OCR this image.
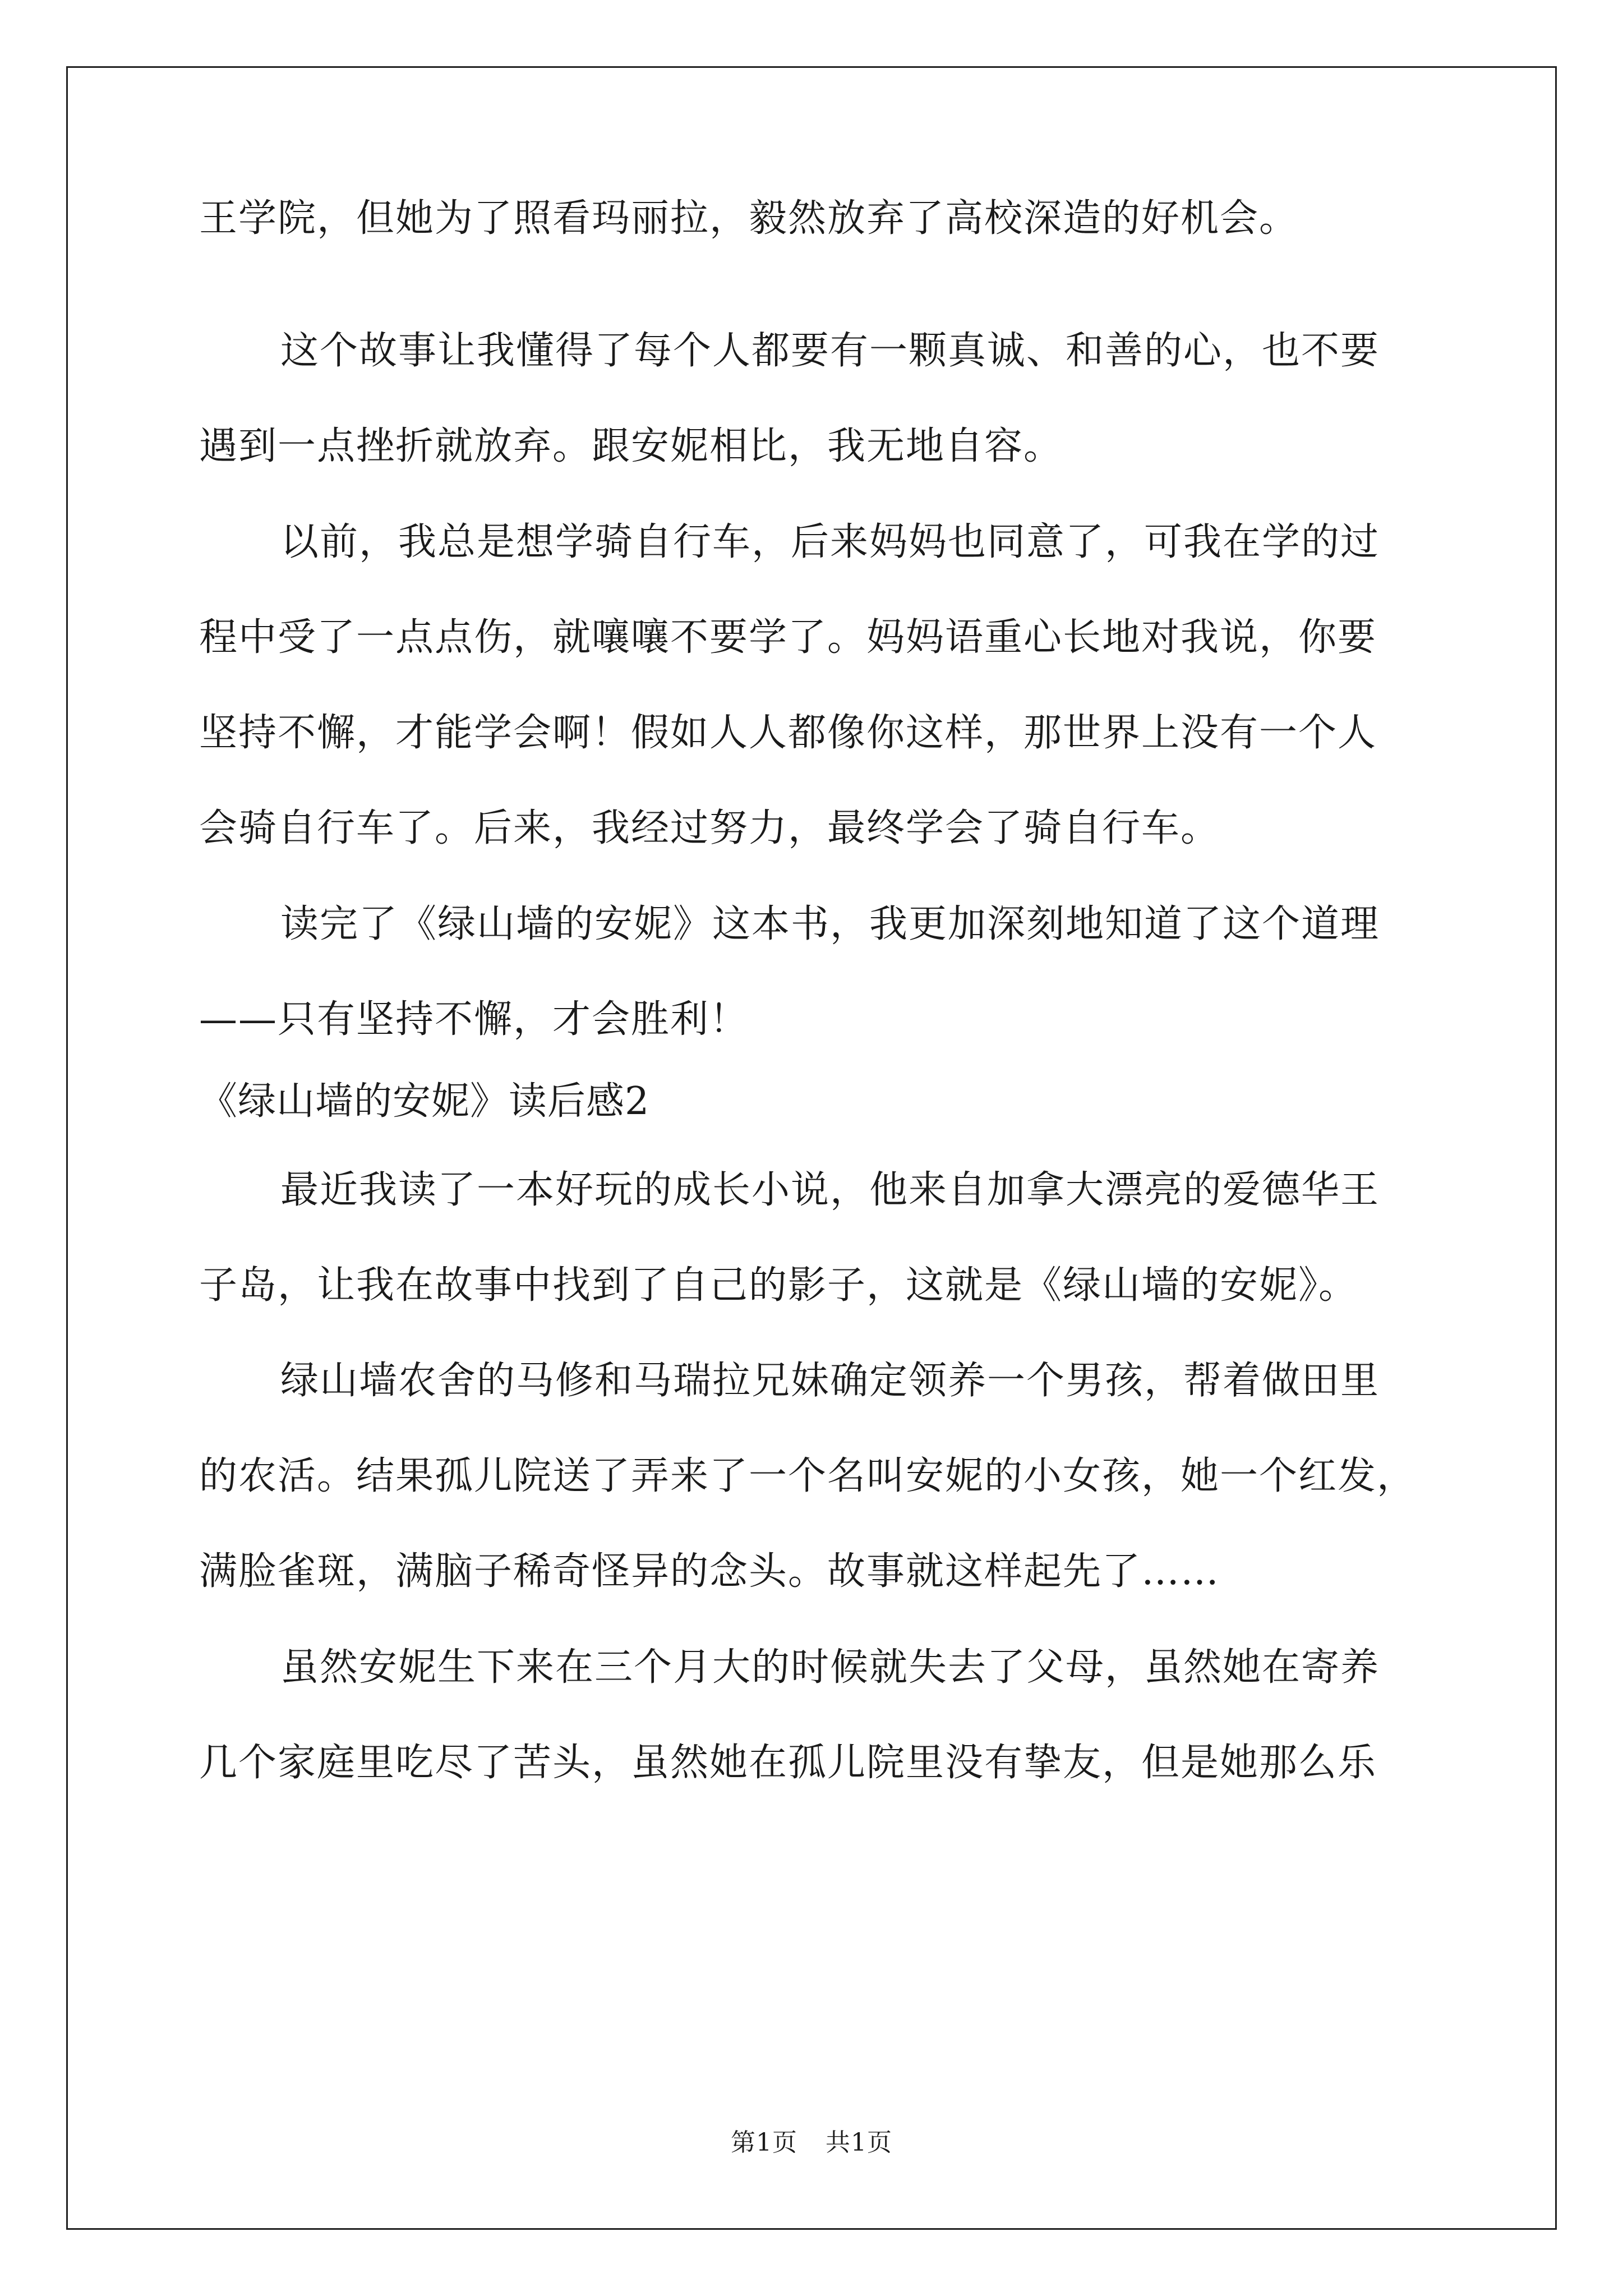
王学院，但她为了照看玛丽拉，毅然放弃了高校深造的好机会。
这个故事让我懂得了每个人都要有一颗真诚、和善的心，也不要
遇到一点挫折就放弃。跟安妮相比，我无地自容。
以前，我总是想学骑自行车，后来妈妈也同意了，可我在学的过
程中受了一点点伤，就嚷嚷不要学了。妈妈语重心长地对我说，你要
坚持不懈，才能学会啊！假如人人都像你这样，那世界上没有一个人
会骑自行车了。后来，我经过努力，最终学会了骑自行车。
读完了《绿山墙的安妮》这本书，我更加深刻地知道了这个道理
——只有坚持不懈，才会胜利！
《绿山墙的安妮》读后感2
最近我读了一本好玩的成长小说，他来自加拿大漂亮的爱德华王
子岛，让我在故事中找到了自己的影子，这就是《绿山墙的安妮》。
绿山墙农舍的马修和马瑞拉兄妹确定领养一个男孩，帮着做田里
的农活。结果孤儿院送了弄来了一个名叫安妮的小女孩，她一个红发，
满脸雀斑，满脑子稀奇怪异的念头。故事就这样起先了……
虽然安妮生下来在三个月大的时候就失去了父母，虽然她在寄养
几个家庭里吃尽了苦头，虽然她在孤儿院里没有挚友，但是她那么乐
第1页 共1页
